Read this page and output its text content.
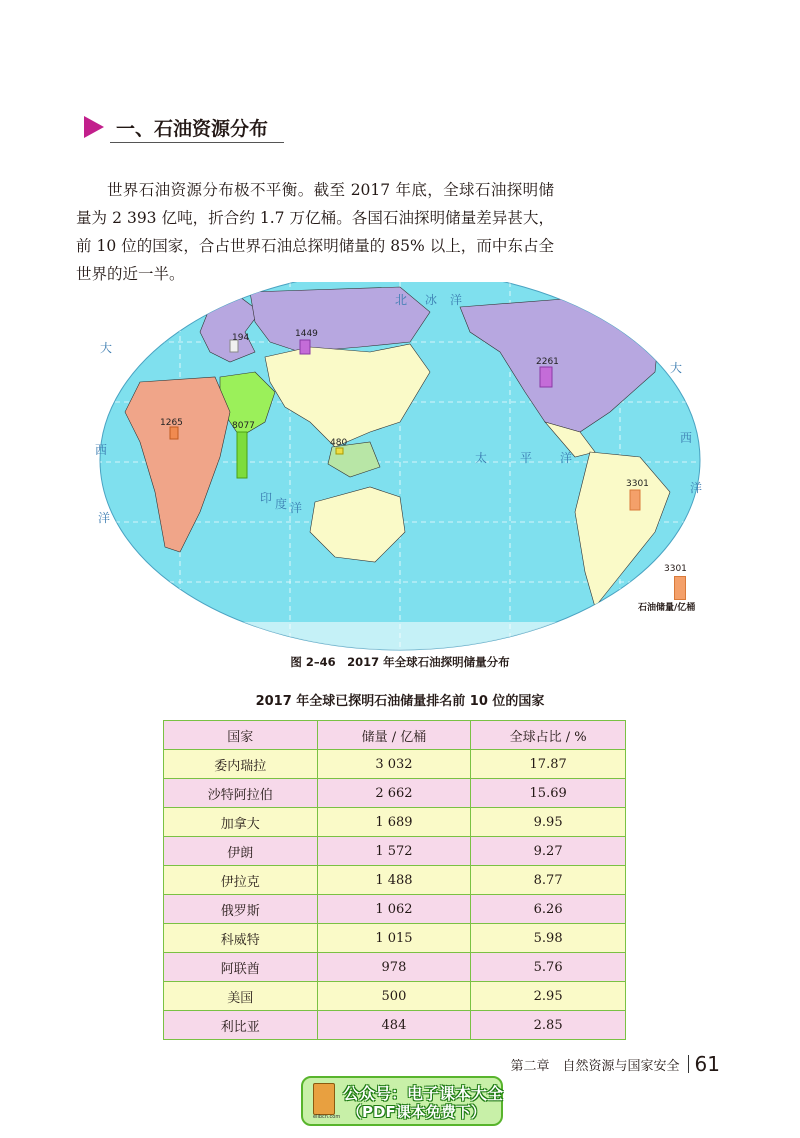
一、石油资源分布

世界石油资源分布极不平衡。截至 2017 年底，全球石油探明储量为 2 393 亿吨，折合约 1.7 万亿桶。各国石油探明储量差异甚大，前 10 位的国家，合占世界石油总探明储量的 85% 以上，而中东占全世界的近一半。

北 冰 洋
太	平 洋
大
西
洋
印 度 洋
大
西
洋
194	1449
2261
1265	8077
480
3301
3301
石油储量/亿桶
图 2–46　2017 年全球石油探明储量分布
2017 年全球已探明石油储量排名前 10 位的国家
国家	储量 / 亿桶	全球占比 / %
委内瑞拉	3 032	17.87
沙特阿拉伯	2 662	15.69
加拿大	1 689	9.95
伊朗	1 572	9.27
伊拉克	1 488	8.77
俄罗斯	1 062	6.26
科威特	1 015	5.98
阿联酋	978	5.76
美国	500	2.95
利比亚	484	2.85
第二章　自然资源与国家安全 61
elibcn.com
公众号：电子课本大全
（PDF课本免费下）
